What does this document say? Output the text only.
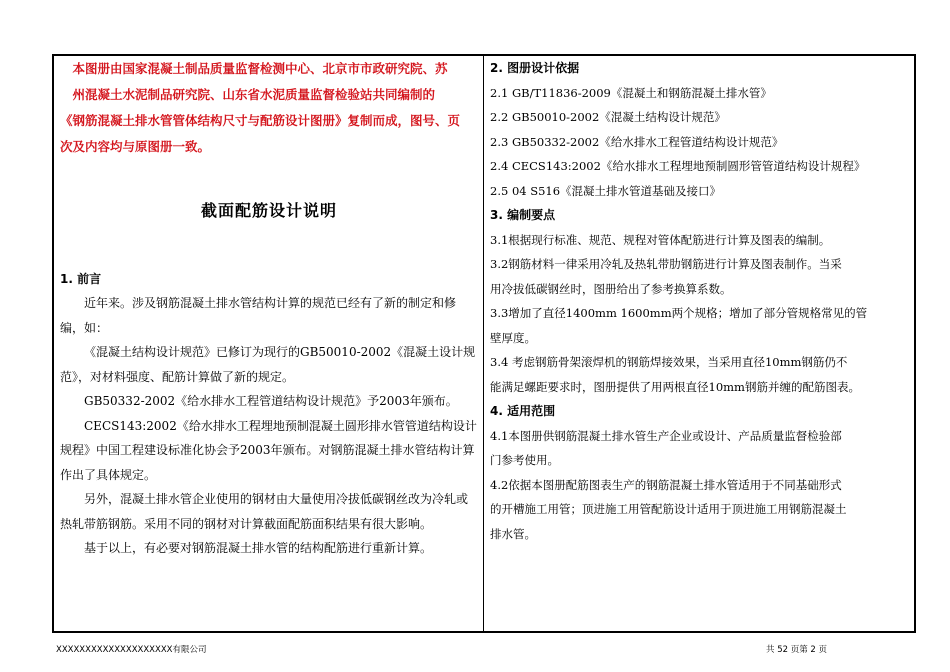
　本图册由国家混凝土制品质量监督检测中心、北京市市政研究院、苏

　州混凝土水泥制品研究院、山东省水泥质量监督检验站共同编制的

《钢筋混凝土排水管管体结构尺寸与配筋设计图册》复制而成，图号、页

次及内容均与原图册一致。

截面配筋设计说明
1. 前言

近年来。涉及钢筋混凝土排水管结构计算的规范已经有了新的制定和修编，如：

《混凝土结构设计规范》已修订为现行的GB50010-2002《混凝土设计规范》，对材料强度、配筋计算做了新的规定。

GB50332-2002《给水排水工程管道结构设计规范》予2003年颁布。

CECS143:2002《给水排水工程埋地预制混凝土圆形排水管管道结构设计规程》中国工程建设标准化协会予2003年颁布。对钢筋混凝土排水管结构计算作出了具体规定。

另外，混凝土排水管企业使用的钢材由大量使用冷拔低碳钢丝改为冷轧或热轧带筋钢筋。采用不同的钢材对计算截面配筋面积结果有很大影响。

基于以上，有必要对钢筋混凝土排水管的结构配筋进行重新计算。

2. 图册设计依据

2.1 GB/T11836-2009《混凝土和钢筋混凝土排水管》

2.2 GB50010-2002《混凝土结构设计规范》

2.3 GB50332-2002《给水排水工程管道结构设计规范》

2.4 CECS143:2002《给水排水工程埋地预制圆形管管道结构设计规程》

2.5 04 S516《混凝土排水管道基础及接口》

3. 编制要点

3.1根据现行标准、规范、规程对管体配筋进行计算及图表的编制。

3.2钢筋材料一律采用冷轧及热轧带肋钢筋进行计算及图表制作。当采

用冷拔低碳钢丝时，图册给出了参考换算系数。

3.3增加了直径1400mm 1600mm两个规格；增加了部分管规格常见的管

壁厚度。

3.4 考虑钢筋骨架滚焊机的钢筋焊接效果，当采用直径10mm钢筋仍不

能满足螺距要求时，图册提供了用两根直径10mm钢筋并缠的配筋图表。

4. 适用范围

4.1本图册供钢筋混凝土排水管生产企业或设计、产品质量监督检验部

门参考使用。

4.2依据本图册配筋图表生产的钢筋混凝土排水管适用于不同基础形式

的开槽施工用管；顶进施工用管配筋设计适用于顶进施工用钢筋混凝土

排水管。

XXXXXXXXXXXXXXXXXXXX有限公司	共 52 页第 2 页
